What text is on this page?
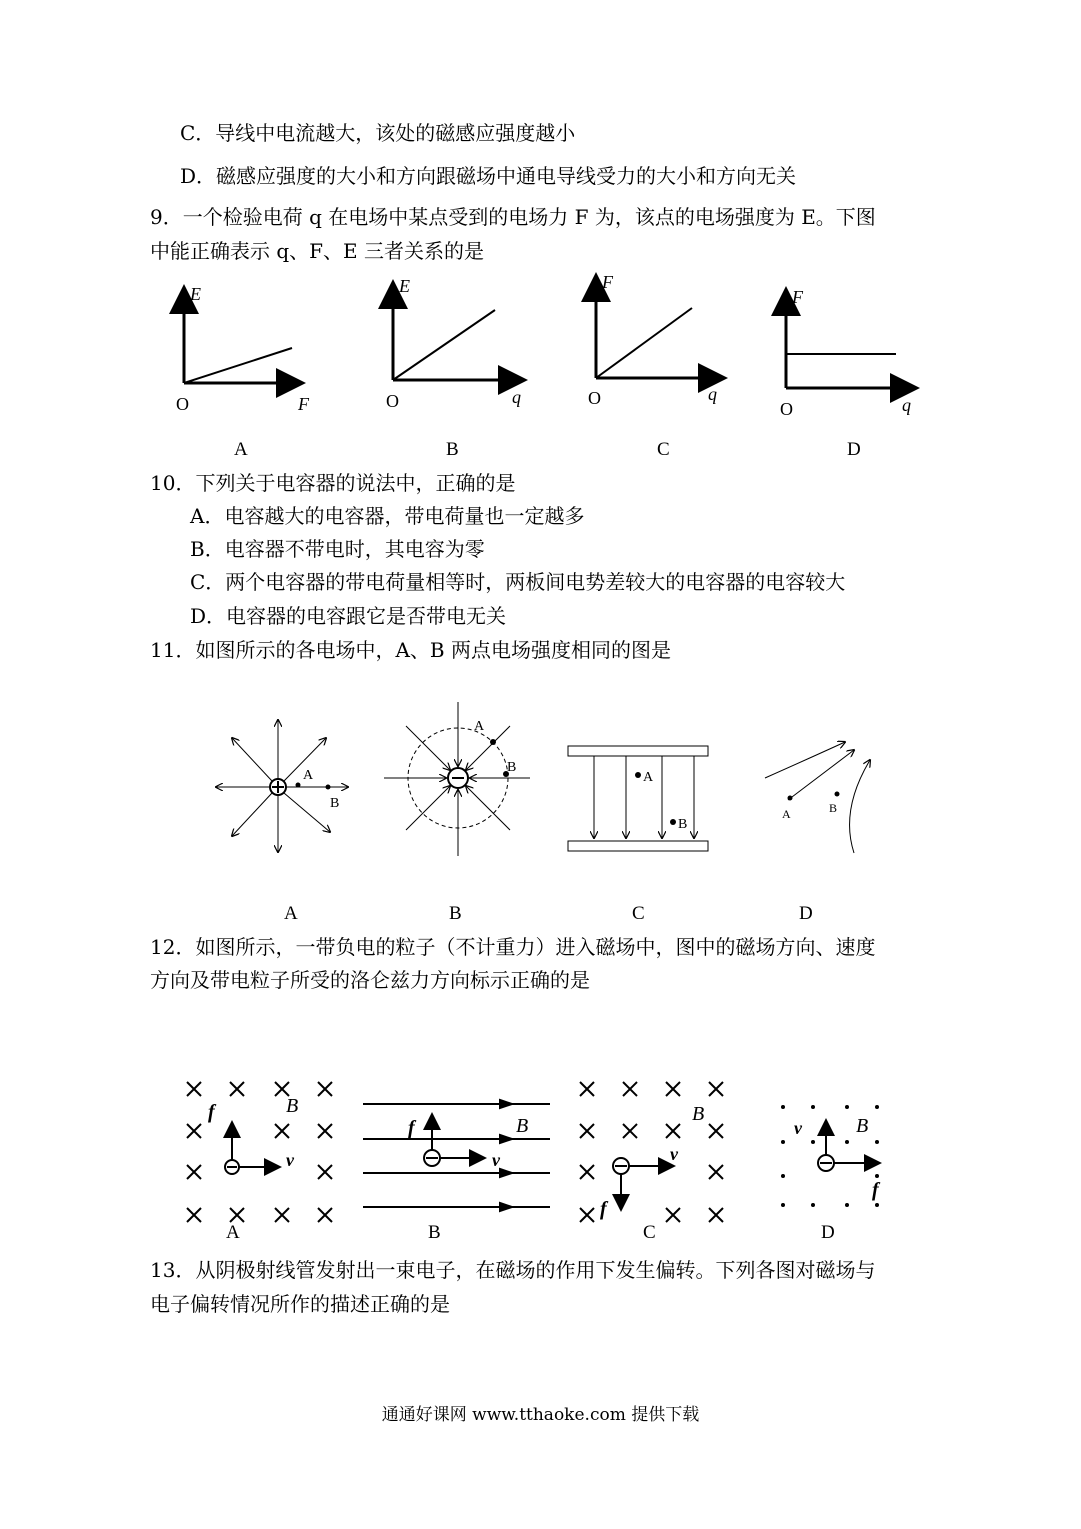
C．导线中电流越大，该处的磁感应强度越小
D．磁感应强度的大小和方向跟磁场中通电导线受力的大小和方向无关
9．一个检验电荷 q 在电场中某点受到的电场力 F 为，该点的电场强度为 E。下图
中能正确表示 q、F、E 三者关系的是
E
O	F
E
O	q
F
O	q
F
O	q
A	B	C	D
10．下列关于电容器的说法中，正确的是
A．电容越大的电容器，带电荷量也一定越多
B．电容器不带电时，其电容为零
C．两个电容器的带电荷量相等时，两板间电势差较大的电容器的电容较大
D．电容器的电容跟它是否带电无关
11．如图所示的各电场中，A、B 两点电场强度相同的图是
A
B
A
B
A
B
A	B
A	B	C	D
12．如图所示，一带负电的粒子（不计重力）进入磁场中，图中的磁场方向、速度
方向及带电粒子所受的洛仑兹力方向标示正确的是
f	B
v
f	B
v
B
v
f
v	B
f
A	B	C	D
13．从阴极射线管发射出一束电子，在磁场的作用下发生偏转。下列各图对磁场与
电子偏转情况所作的描述正确的是
通通好课网 www.tthaoke.com 提供下载
